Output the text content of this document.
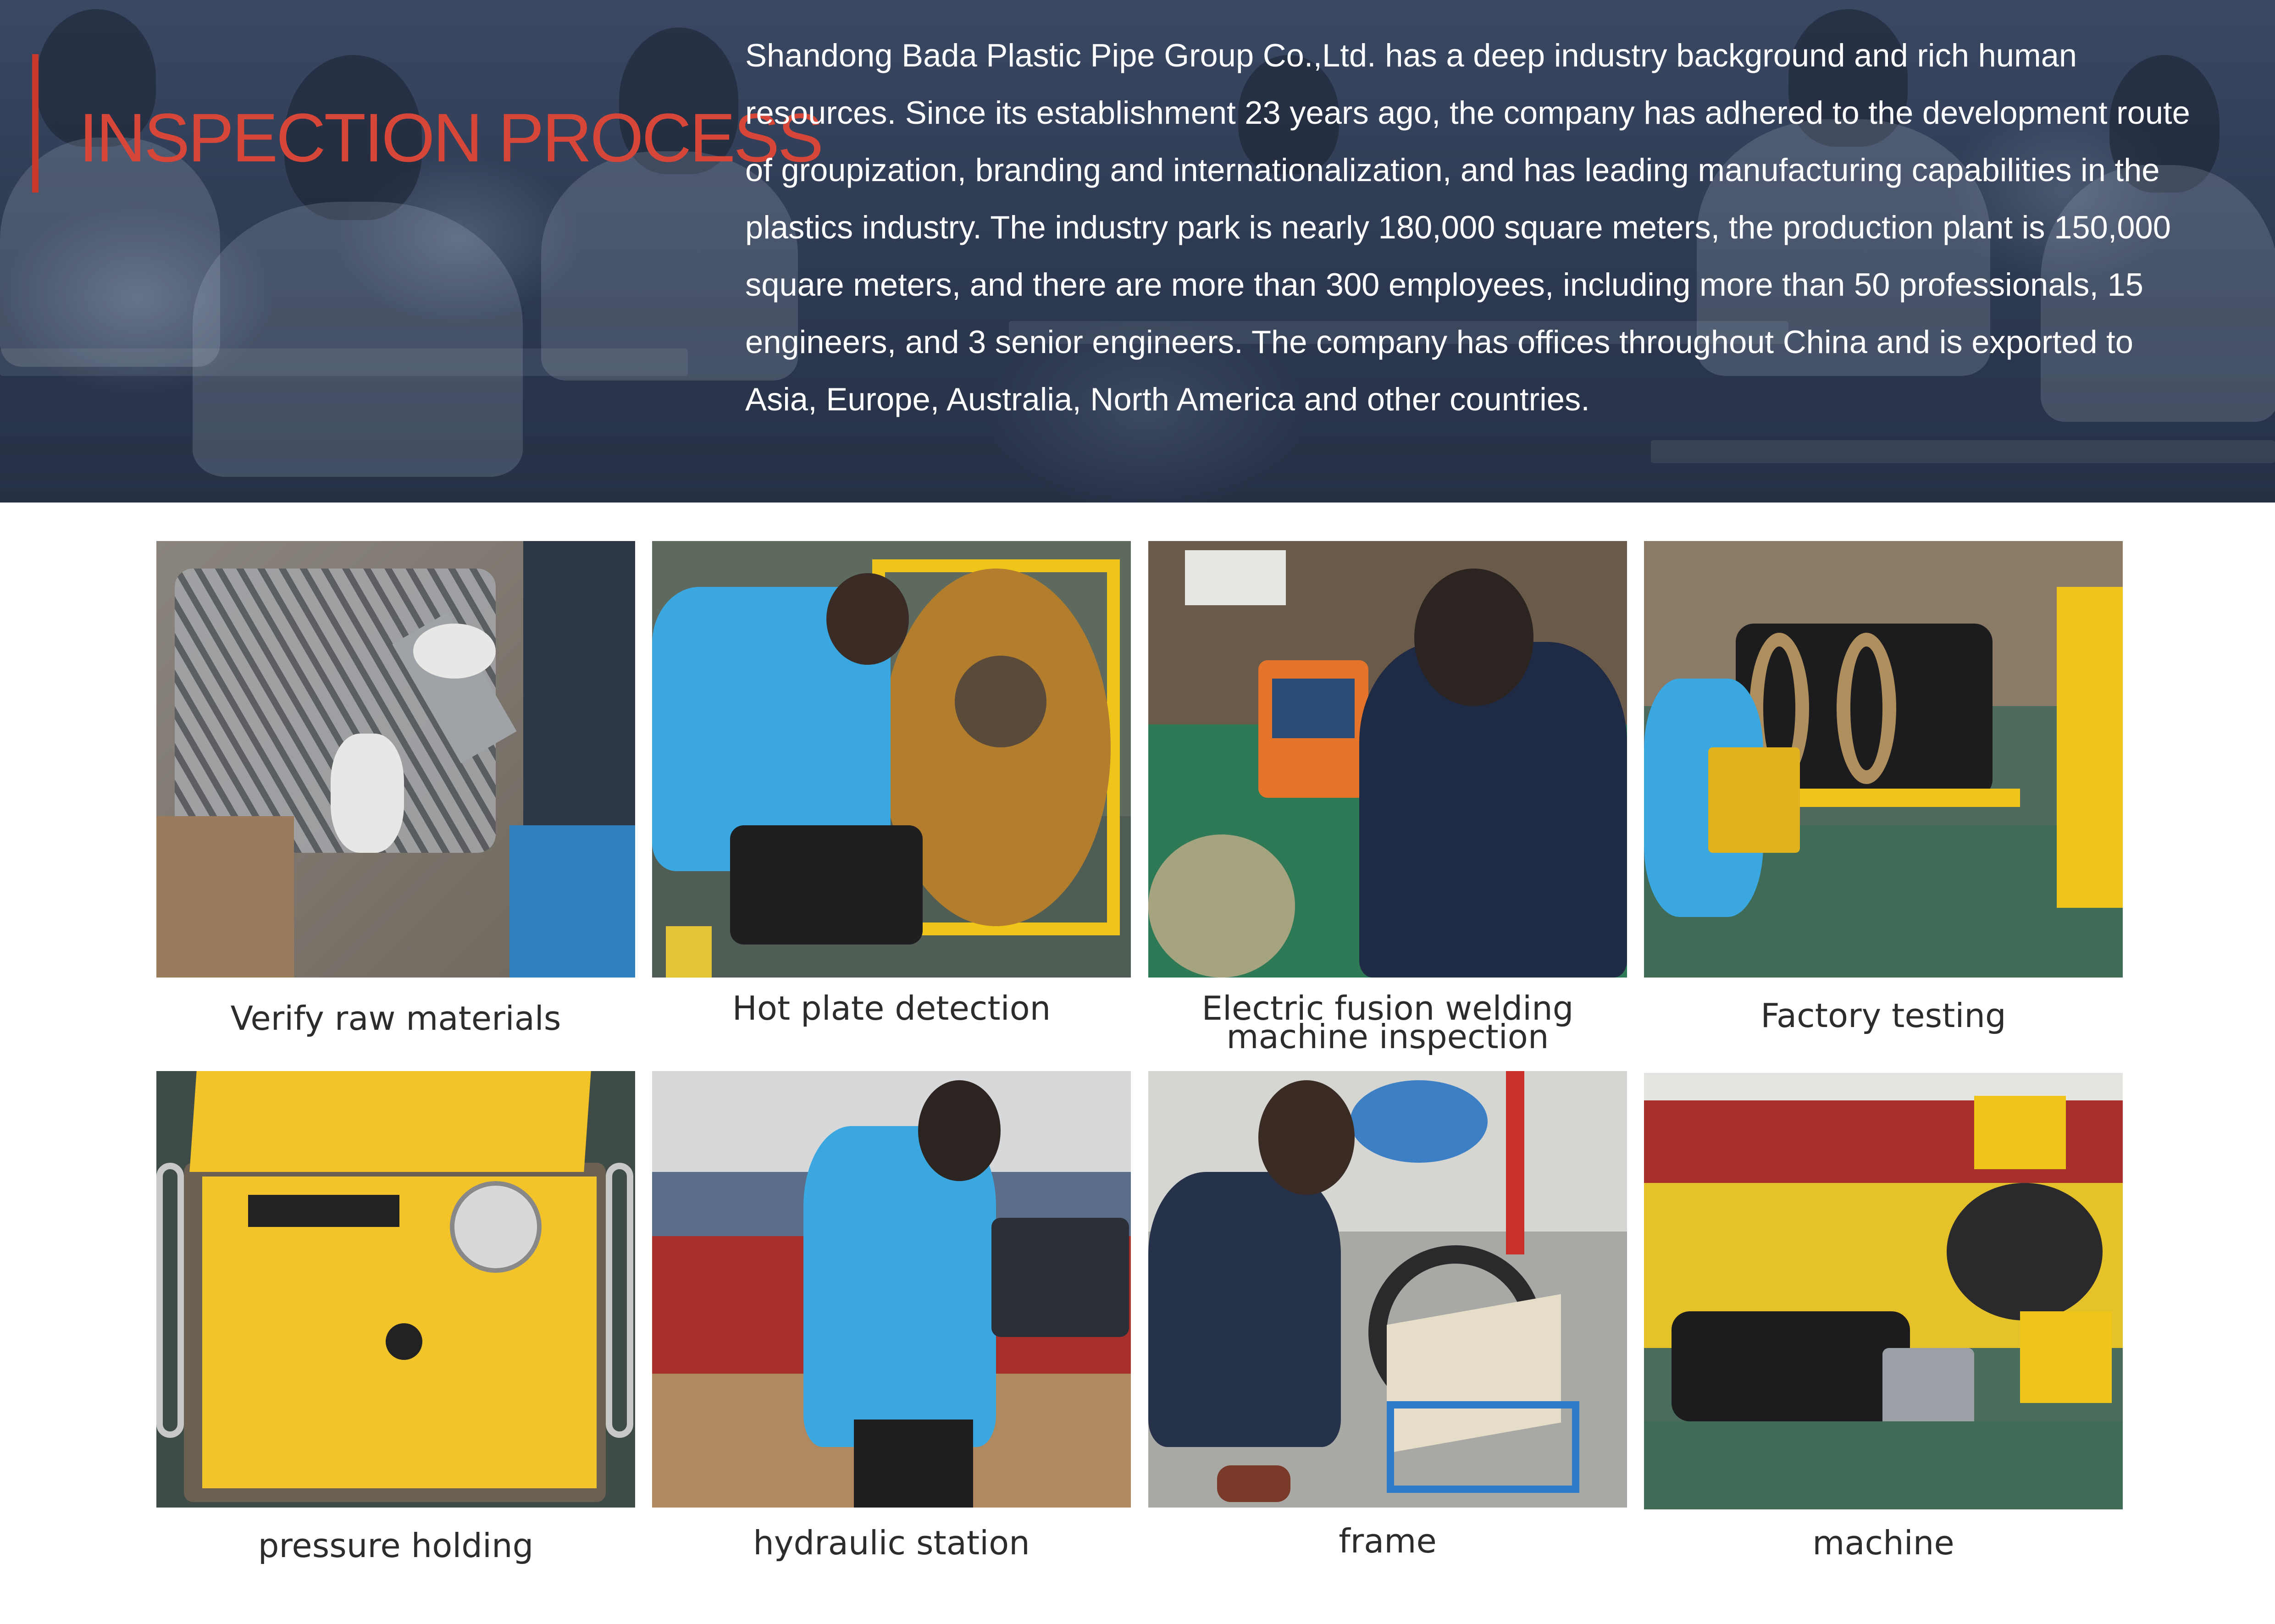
INSPECTION PROCESS

Shandong Bada Plastic Pipe Group Co.,Ltd. has a deep industry background and rich human
resources. Since its establishment 23 years ago, the company has adhered to the development route
of groupization, branding and internationalization, and has leading manufacturing capabilities in the
plastics industry. The industry park is nearly 180,000 square meters, the production plant is 150,000
square meters, and there are more than 300 employees, including more than 50 professionals, 15
engineers, and 3 senior engineers. The company has offices throughout China and is exported to
Asia, Europe, Australia, North America and other countries.

Verify raw materials	Hot plate detection	Electric fusion welding
machine inspection

Factory testing

pressure holding	hydraulic station	frame	machine
